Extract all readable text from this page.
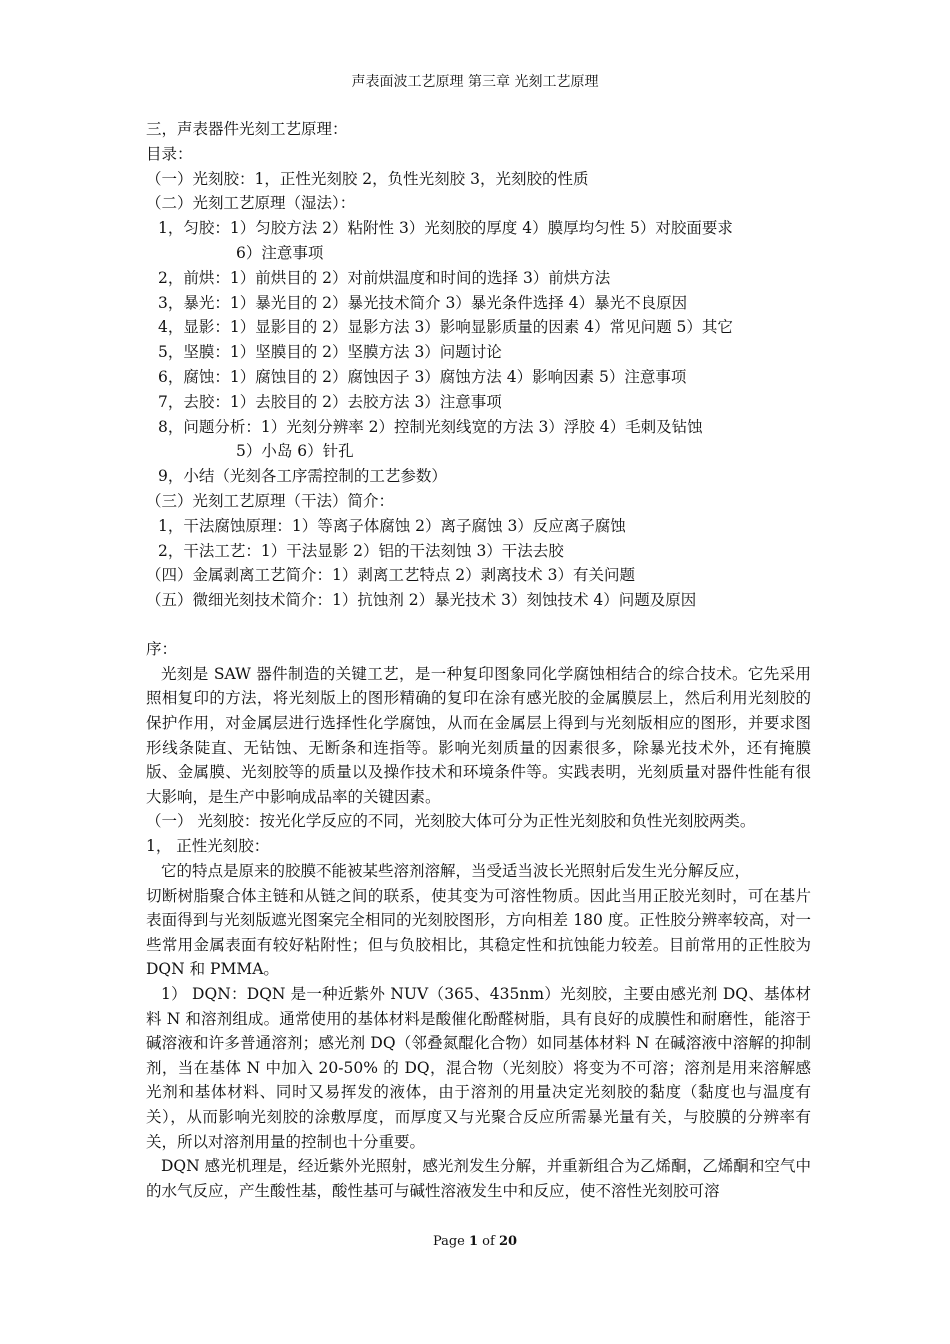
声表面波工艺原理 第三章 光刻工艺原理
三，声表器件光刻工艺原理：
目录：
（一）光刻胶：1，正性光刻胶 2，负性光刻胶 3，光刻胶的性质
（二）光刻工艺原理（湿法）：
1，匀胶：1）匀胶方法 2）粘附性 3）光刻胶的厚度 4）膜厚均匀性 5）对胶面要求
6）注意事项
2，前烘：1）前烘目的 2）对前烘温度和时间的选择 3）前烘方法
3，暴光：1）暴光目的 2）暴光技术简介 3）暴光条件选择 4）暴光不良原因
4，显影：1）显影目的 2）显影方法 3）影响显影质量的因素 4）常见问题 5）其它
5，坚膜：1）坚膜目的 2）坚膜方法 3）问题讨论
6，腐蚀：1）腐蚀目的 2）腐蚀因子 3）腐蚀方法 4）影响因素 5）注意事项
7，去胶：1）去胶目的 2）去胶方法 3）注意事项
8，问题分析：1）光刻分辨率 2）控制光刻线宽的方法 3）浮胶 4）毛刺及钻蚀
5）小岛 6）针孔
9，小结（光刻各工序需控制的工艺参数）
（三）光刻工艺原理（干法）简介：
1，干法腐蚀原理：1）等离子体腐蚀 2）离子腐蚀 3）反应离子腐蚀
2，干法工艺：1）干法显影 2）铝的干法刻蚀 3）干法去胶
（四）金属剥离工艺简介：1）剥离工艺特点 2）剥离技术 3）有关问题
（五）微细光刻技术简介：1）抗蚀剂 2）暴光技术 3）刻蚀技术 4）问题及原因
序：
光刻是 SAW 器件制造的关键工艺，是一种复印图象同化学腐蚀相结合的综合技术。它先采用照相复印的方法，将光刻版上的图形精确的复印在涂有感光胶的金属膜层上，然后利用光刻胶的保护作用，对金属层进行选择性化学腐蚀，从而在金属层上得到与光刻版相应的图形，并要求图形线条陡直、无钻蚀、无断条和连指等。影响光刻质量的因素很多，除暴光技术外，还有掩膜版、金属膜、光刻胶等的质量以及操作技术和环境条件等。实践表明，光刻质量对器件性能有很大影响，是生产中影响成品率的关键因素。
（一） 光刻胶：按光化学反应的不同，光刻胶大体可分为正性光刻胶和负性光刻胶两类。
1， 正性光刻胶：
它的特点是原来的胶膜不能被某些溶剂溶解，当受适当波长光照射后发生光分解反应，
切断树脂聚合体主链和从链之间的联系，使其变为可溶性物质。因此当用正胶光刻时，可在基片表面得到与光刻版遮光图案完全相同的光刻胶图形，方向相差 180 度。正性胶分辨率较高，对一些常用金属表面有较好粘附性；但与负胶相比，其稳定性和抗蚀能力较差。目前常用的正性胶为 DQN 和 PMMA。
1） DQN：DQN 是一种近紫外 NUV（365、435nm）光刻胶，主要由感光剂 DQ、基体材料 N 和溶剂组成。通常使用的基体材料是酸催化酚醛树脂，具有良好的成膜性和耐磨性，能溶于碱溶液和许多普通溶剂；感光剂 DQ（邻叠氮醌化合物）如同基体材料 N 在碱溶液中溶解的抑制剂，当在基体 N 中加入 20-50% 的 DQ，混合物（光刻胶）将变为不可溶；溶剂是用来溶解感光剂和基体材料、同时又易挥发的液体，由于溶剂的用量决定光刻胶的黏度（黏度也与温度有关），从而影响光刻胶的涂敷厚度，而厚度又与光聚合反应所需暴光量有关，与胶膜的分辨率有关，所以对溶剂用量的控制也十分重要。
DQN 感光机理是，经近紫外光照射，感光剂发生分解，并重新组合为乙烯酮，乙烯酮和空气中的水气反应，产生酸性基，酸性基可与碱性溶液发生中和反应，使不溶性光刻胶可溶
Page 1 of 20
